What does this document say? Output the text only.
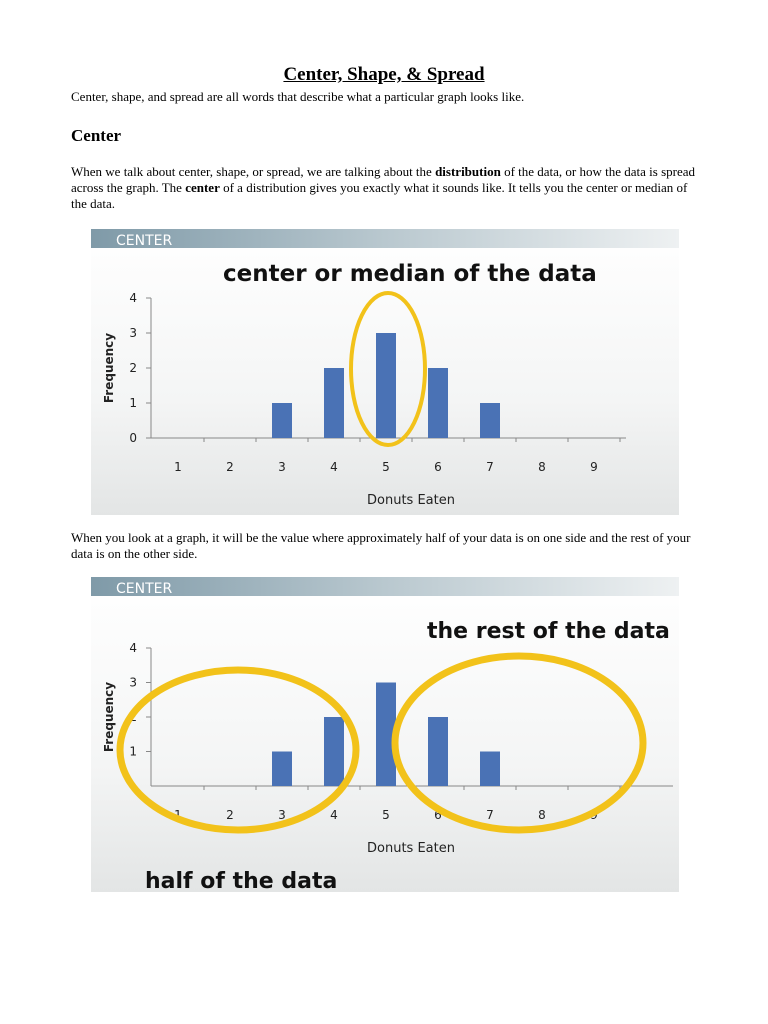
Center, Shape, & Spread

Center, shape, and spread are all words that describe what a particular graph looks like.

Center

When we talk about center, shape, or spread, we are talking about the distribution of the data, or how the data is spread across the graph. The center of a distribution gives you exactly what it sounds like. It tells you the center or median of the data.

CENTER
center or median of the data
Frequency
Donuts Eaten
0
1
2
3
4
1	2	3	4	5	6	7	8	9

When you look at a graph, it will be the value where approximately half of your data is on one side and the rest of your data is on the other side.

CENTER
the rest of the data
Frequency
Donuts Eaten
1
2
3
4
1	2	3	4	5	6	7	8	9
half of the data
